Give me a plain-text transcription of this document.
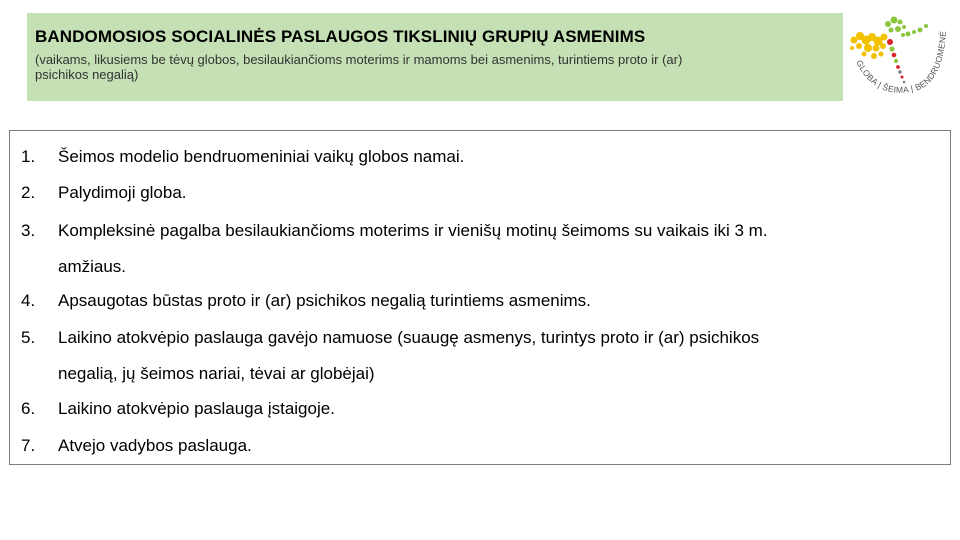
BANDOMOSIOS SOCIALINĖS PASLAUGOS TIKSLINIŲ GRUPIŲ ASMENIMS
(vaikams, likusiems be tėvų globos, besilaukiančioms moterims ir mamoms bei asmenims, turintiems proto ir (ar)
psichikos negalią)
GLOBA | ŠEIMA | BENDRUOMENĖ
1. Šeimos modelio bendruomeniniai vaikų globos namai.
2. Palydimoji globa.
3. Kompleksinė pagalba besilaukiančioms moterims ir vienišų motinų šeimoms su vaikais iki 3 m.
amžiaus.
4. Apsaugotas būstas proto ir (ar) psichikos negalią turintiems asmenims.
5. Laikino atokvėpio paslauga gavėjo namuose (suaugę asmenys, turintys proto ir (ar) psichikos
negalią, jų šeimos nariai, tėvai ar globėjai)
6. Laikino atokvėpio paslauga įstaigoje.
7. Atvejo vadybos paslauga.
